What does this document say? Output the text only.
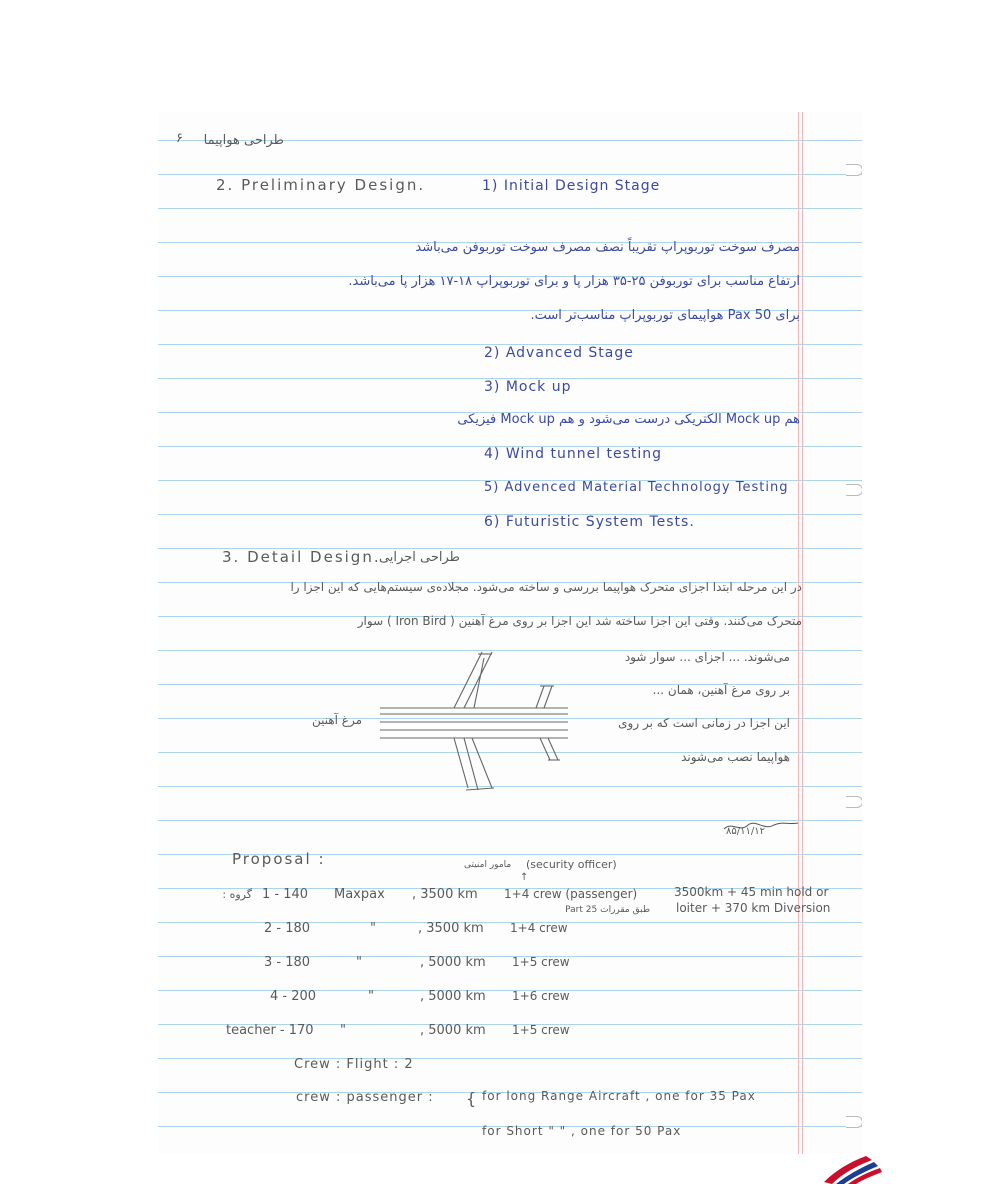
۶ طراحی هواپیما
2. Preliminary Design.	1) Initial Design Stage
مصرف سوخت توربوپراپ تقریباً نصف مصرف سوخت توربوفن می‌باشد
ارتفاع مناسب برای توربوفن ۲۵-۳۵ هزار پا و برای توربوپراپ ۱۸-۱۷ هزار پا می‌باشد.
برای 50 Pax هواپیمای توربوپراپ مناسب‌تر است.
2) Advanced Stage
3) Mock up
هم Mock up الکتریکی درست می‌شود و هم Mock up فیزیکی
4) Wind tunnel testing
5) Advenced Material Technology Testing
6) Futuristic System Tests.
3. Detail Design.
طراحی اجرایی
در این مرحله ابتدا اجزای متحرک هواپیما بررسی و ساخته می‌شود. مجلاده‌ی سیستم‌هایی که این اجزا را
متحرک می‌کنند. وقتی این اجزا ساخته شد این اجزا بر روی مرغ آهنین ( Iron Bird ) سوار
می‌شوند. ... اجزای ... سوار شود
بر روی مرغ آهنین، همان ...
این اجزا در زمانی است که بر روی
هواپیما نصب می‌شوند
مرغ آهنین
۸۵/۱۱/۱۲
Proposal :	مامور امنیتی	(security officer)
↑
گروه : 1 - 140 Maxpax , 3500 km 1+4 crew (passenger)
طبق مقررات Part 25
3500km + 45 min hold or
loiter + 370 km Diversion
2 - 180	"	, 3500 km 1+4 crew
3 - 180	"	, 5000 km 1+5 crew
4 - 200	"	, 5000 km 1+6 crew
teacher - 170 "	, 5000 km 1+5 crew
Crew : Flight : 2
crew : passenger : { for long Range Aircraft , one for 35 Pax
for Short " " , one for 50 Pax
